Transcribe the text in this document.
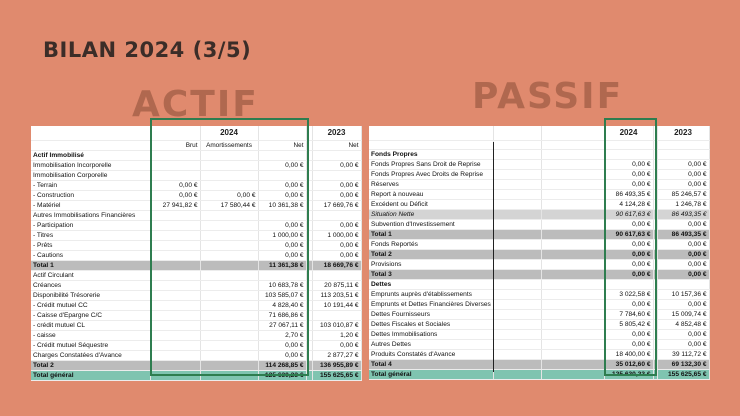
BILAN 2024 (3/5)
ACTIF	PASSIF
		2024			2023
	Brut	Amortissements	Net		Net
Actif Immobilisé					
Immobilisation Incorporelle			0,00 €		0,00 €
Immobilisation Corporelle					
- Terrain	0,00 €		0,00 €		0,00 €
- Construction	0,00 €	0,00 €	0,00 €		0,00 €
- Matériel	27 941,82 €	17 580,44 €	10 361,38 €		17 669,76 €
Autres Immobilisations Financières					
- Participation			0,00 €		0,00 €
- Titres			1 000,00 €		1 000,00 €
- Prêts			0,00 €		0,00 €
- Cautions			0,00 €		0,00 €
Total 1			11 361,38 €		18 669,76 €
Actif Circulant					
Créances			10 683,78 €		20 875,11 €
Disponibilité Trésorerie			103 585,07 €		113 203,51 €
- Crédit mutuel CC			4 828,40 €		10 191,44 €
- Caisse d'Epargne C/C			71 686,86 €		
- crédit mutuel CL			27 067,11 €		103 010,87 €
- caisse			2,70 €		1,20 €
- Crédit mutuel Séquestre			0,00 €		0,00 €
Charges Constatées d'Avance			0,00 €		2 877,27 €
Total 2			114 268,85 €		136 955,89 €
Total général			125 630,23 €		155 625,65 €
			2024		2023

Fonds Propres					
Fonds Propres Sans Droit de Reprise			0,00 €		0,00 €
Fonds Propres Avec Droits de Reprise			0,00 €		0,00 €
Réserves			0,00 €		0,00 €
Report à nouveau			86 493,35 €		85 246,57 €
Excédent ou Déficit			4 124,28 €		1 246,78 €
Situation Nette			90 617,63 €		86 493,35 €
Subvention d'Investissement			0,00 €		0,00 €
Total 1			90 617,63 €		86 493,35 €
Fonds Reportés			0,00 €		0,00 €
Total 2			0,00 €		0,00 €
Provisions			0,00 €		0,00 €
Total 3			0,00 €		0,00 €
Dettes					
Emprunts auprès d'établissements			3 022,58 €		10 157,36 €
Emprunts et Dettes Financières Diverses			0,00 €		0,00 €
Dettes Fournisseurs			7 784,60 €		15 009,74 €
Dettes Fiscales et Sociales			5 805,42 €		4 852,48 €
Dettes Immobilisations			0,00 €		0,00 €
Autres Dettes			0,00 €		0,00 €
Produits Constatés d'Avance			18 400,00 €		39 112,72 €
Total 4			35 012,60 €		69 132,30 €
Total général			125 630,23 €		155 625,65 €
